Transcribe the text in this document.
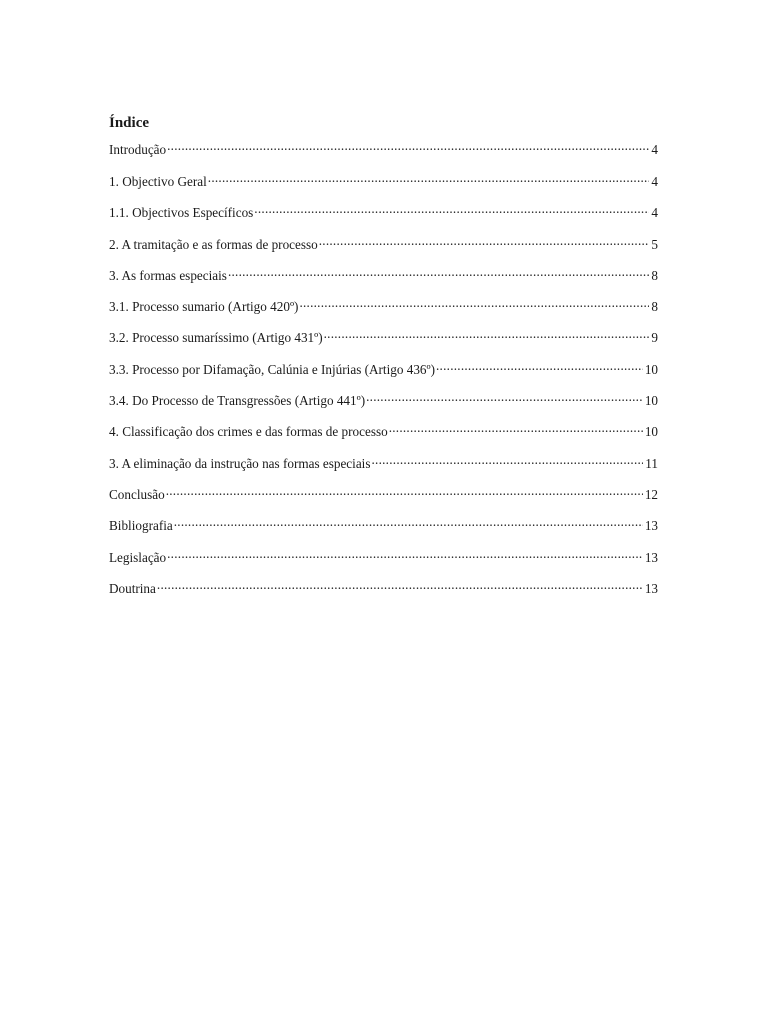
Índice
Introdução .....	4
1. Objectivo Geral .....	4
1.1. Objectivos Específicos .....	4
2. A tramitação e as formas de processo .....	5
3. As formas especiais .....	8
3.1. Processo sumario (Artigo 420º) .....	8
3.2. Processo sumaríssimo (Artigo 431º) .....	9
3.3. Processo por Difamação, Calúnia e Injúrias (Artigo 436º) .....	10
3.4. Do Processo de Transgressões (Artigo 441º) .....	10
4. Classificação dos crimes e das formas de processo .....	10
3. A eliminação da instrução nas formas especiais .....	11
Conclusão .....	12
Bibliografia .....	13
Legislação .....	13
Doutrina .....	13
